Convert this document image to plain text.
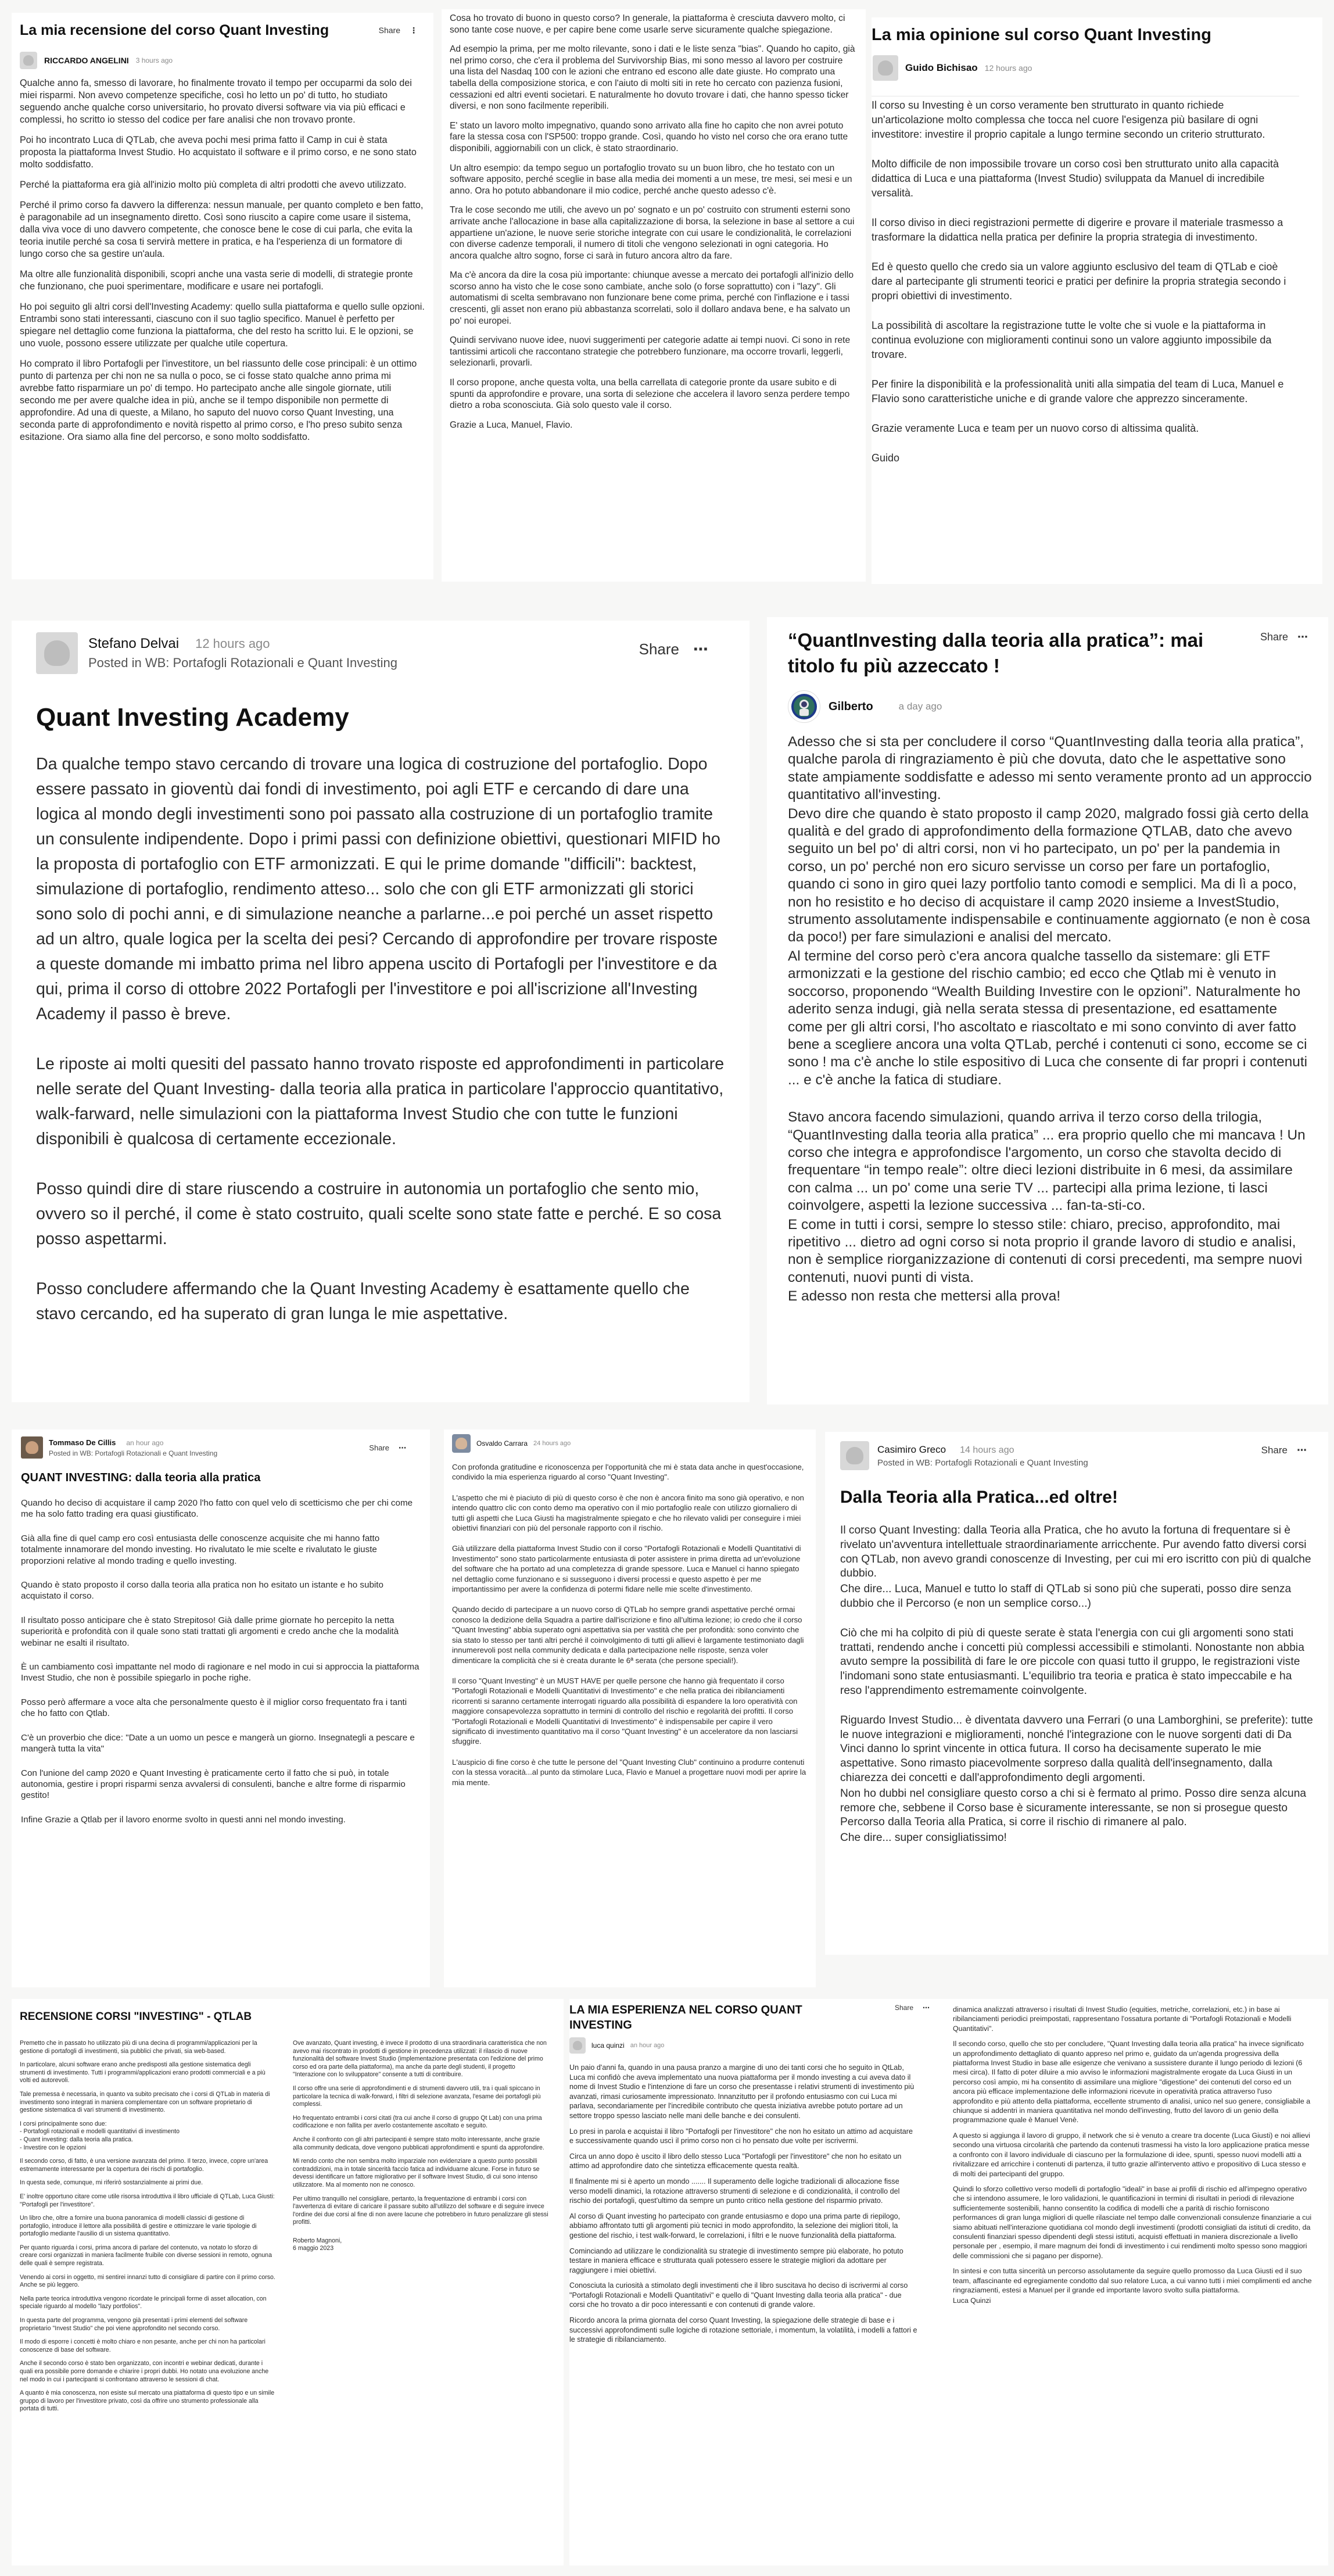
La mia recensione del corso Quant Investing	Share ⋮
RICCARDO ANGELINI 3 hours ago

Qualche anno fa, smesso di lavorare, ho finalmente trovato il tempo per occuparmi da solo dei miei risparmi. Non avevo competenze specifiche, così ho letto un po' di tutto, ho studiato seguendo anche qualche corso universitario, ho provato diversi software via via più efficaci e complessi, ho scritto io stesso del codice per fare analisi che non trovavo pronte.

Poi ho incontrato Luca di QTLab, che aveva pochi mesi prima fatto il Camp in cui è stata proposta la piattaforma Invest Studio. Ho acquistato il software e il primo corso, e ne sono stato molto soddisfatto.

Perché la piattaforma era già all'inizio molto più completa di altri prodotti che avevo utilizzato.

Perché il primo corso fa davvero la differenza: nessun manuale, per quanto completo e ben fatto, è paragonabile ad un insegnamento diretto. Così sono riuscito a capire come usare il sistema, dalla viva voce di uno davvero competente, che conosce bene le cose di cui parla, che evita la teoria inutile perché sa cosa ti servirà mettere in pratica, e ha l'esperienza di un formatore di lungo corso che sa gestire un'aula.

Ma oltre alle funzionalità disponibili, scopri anche una vasta serie di modelli, di strategie pronte che funzionano, che puoi sperimentare, modificare e usare nei portafogli.

Ho poi seguito gli altri corsi dell'Investing Academy: quello sulla piattaforma e quello sulle opzioni. Entrambi sono stati interessanti, ciascuno con il suo taglio specifico. Manuel è perfetto per spiegare nel dettaglio come funziona la piattaforma, che del resto ha scritto lui. E le opzioni, se uno vuole, possono essere utilizzate per qualche utile copertura.

Ho comprato il libro Portafogli per l'investitore, un bel riassunto delle cose principali: è un ottimo punto di partenza per chi non ne sa nulla o poco, se ci fosse stato qualche anno prima mi avrebbe fatto risparmiare un po' di tempo. Ho partecipato anche alle singole giornate, utili secondo me per avere qualche idea in più, anche se il tempo disponibile non permette di approfondire. Ad una di queste, a Milano, ho saputo del nuovo corso Quant Investing, una seconda parte di approfondimento e novità rispetto al primo corso, e l'ho preso subito senza esitazione. Ora siamo alla fine del percorso, e sono molto soddisfatto.

Cosa ho trovato di buono in questo corso? In generale, la piattaforma è cresciuta davvero molto, ci sono tante cose nuove, e per capire bene come usarle serve sicuramente qualche spiegazione.

Ad esempio la prima, per me molto rilevante, sono i dati e le liste senza "bias". Quando ho capito, già nel primo corso, che c'era il problema del Survivorship Bias, mi sono messo al lavoro per costruire una lista del Nasdaq 100 con le azioni che entrano ed escono alle date giuste. Ho comprato una tabella della composizione storica, e con l'aiuto di molti siti in rete ho cercato con pazienza fusioni, cessazioni ed altri eventi societari. E naturalmente ho dovuto trovare i dati, che hanno spesso ticker diversi, e non sono facilmente reperibili.

E' stato un lavoro molto impegnativo, quando sono arrivato alla fine ho capito che non avrei potuto fare la stessa cosa con l'SP500: troppo grande. Così, quando ho visto nel corso che ora erano tutte disponibili, aggiornabili con un click, è stato straordinario.

Un altro esempio: da tempo seguo un portafoglio trovato su un buon libro, che ho testato con un software apposito, perché sceglie in base alla media dei momenti a un mese, tre mesi, sei mesi e un anno. Ora ho potuto abbandonare il mio codice, perché anche questo adesso c'è.

Tra le cose secondo me utili, che avevo un po' sognato e un po' costruito con strumenti esterni sono arrivate anche l'allocazione in base alla capitalizzazione di borsa, la selezione in base al settore a cui appartiene un'azione, le nuove serie storiche integrate con cui usare le condizionalità, le correlazioni con diverse cadenze temporali, il numero di titoli che vengono selezionati in ogni categoria. Ho ancora qualche altro sogno, forse ci sarà in futuro ancora altro da fare.

Ma c'è ancora da dire la cosa più importante: chiunque avesse a mercato dei portafogli all'inizio dello scorso anno ha visto che le cose sono cambiate, anche solo (o forse soprattutto) con i "lazy". Gli automatismi di scelta sembravano non funzionare bene come prima, perché con l'inflazione e i tassi crescenti, gli asset non erano più abbastanza scorrelati, solo il dollaro andava bene, e ha salvato un po' noi europei.

Quindi servivano nuove idee, nuovi suggerimenti per categorie adatte ai tempi nuovi. Ci sono in rete tantissimi articoli che raccontano strategie che potrebbero funzionare, ma occorre trovarli, leggerli, selezionarli, provarli.

Il corso propone, anche questa volta, una bella carrellata di categorie pronte da usare subito e di spunti da approfondire e provare, una sorta di selezione che accelera il lavoro senza perdere tempo dietro a roba sconosciuta. Già solo questo vale il corso.

Grazie a Luca, Manuel, Flavio.

La mia opinione sul corso Quant Investing
Guido Bichisao 12 hours ago

Il corso su Investing è un corso veramente ben strutturato in quanto richiede un'articolazione molto complessa che tocca nel cuore l'esigenza più basilare di ogni investitore: investire il proprio capitale a lungo termine secondo un criterio strutturato.

Molto difficile de non impossibile trovare un corso così ben strutturato unito alla capacità didattica di Luca e una piattaforma (Invest Studio) sviluppata da Manuel di incredibile versalità.

Il corso diviso in dieci registrazioni permette di digerire e provare il materiale trasmesso a trasformare la didattica nella pratica per definire la propria strategia di investimento.

Ed è questo quello che credo sia un valore aggiunto esclusivo del team di QTLab e cioè dare al partecipante gli strumenti teorici e pratici per definire la propria strategia secondo i propri obiettivi di investimento.

La possibilità di ascoltare la registrazione tutte le volte che si vuole e la piattaforma in continua evoluzione con miglioramenti continui sono un valore aggiunto impossibile da trovare.

Per finire la disponibilità e la professionalità uniti alla simpatia del team di Luca, Manuel e Flavio sono caratteristiche uniche e di grande valore che apprezzo sinceramente.

Grazie veramente Luca e team per un nuovo corso di altissima qualità.

Guido

Stefano Delvai 12 hours ago
Posted in WB: Portafogli Rotazionali e Quant Investing
Share ⋯
Quant Investing Academy

Da qualche tempo stavo cercando di trovare una logica di costruzione del portafoglio. Dopo essere passato in gioventù dai fondi di investimento, poi agli ETF e cercando di dare una logica al mondo degli investimenti sono poi passato alla costruzione di un portafoglio tramite un consulente indipendente. Dopo i primi passi con definizione obiettivi, questionari MIFID ho la proposta di portafoglio con ETF armonizzati. E qui le prime domande "difficili": backtest, simulazione di portafoglio, rendimento atteso... solo che con gli ETF armonizzati gli storici sono solo di pochi anni, e di simulazione neanche a parlarne...e poi perché un asset rispetto ad un altro, quale logica per la scelta dei pesi? Cercando di approfondire per trovare risposte a queste domande mi imbatto prima nel libro appena uscito di Portafogli per l'investitore e da qui, prima il corso di ottobre 2022 Portafogli per l'investitore e poi all'iscrizione all'Investing Academy il passo è breve.

Le riposte ai molti quesiti del passato hanno trovato risposte ed approfondimenti in particolare nelle serate del Quant Investing- dalla teoria alla pratica in particolare l'approccio quantitativo, walk-farward, nelle simulazioni con la piattaforma Invest Studio che con tutte le funzioni disponibili è qualcosa di certamente eccezionale.

Posso quindi dire di stare riuscendo a costruire in autonomia un portafoglio che sento mio, ovvero so il perché, il come è stato costruito, quali scelte sono state fatte e perché. E so cosa posso aspettarmi.

Posso concludere affermando che la Quant Investing Academy è esattamente quello che stavo cercando, ed ha superato di gran lunga le mie aspettative.

“QuantInvesting dalla teoria alla pratica”: mai titolo fu più azzeccato !
Share ⋯
Gilberto	a day ago

Adesso che si sta per concludere il corso “QuantInvesting dalla teoria alla pratica”, qualche parola di ringraziamento è più che dovuta, dato che le aspettative sono state ampiamente soddisfatte e adesso mi sento veramente pronto ad un approccio quantitativo all'investing.

Devo dire che quando è stato proposto il camp 2020, malgrado fossi già certo della qualità e del grado di approfondimento della formazione QTLAB, dato che avevo seguito un bel po' di altri corsi, non vi ho partecipato, un po' per la pandemia in corso, un po' perché non ero sicuro servisse un corso per fare un portafoglio, quando ci sono in giro quei lazy portfolio tanto comodi e semplici. Ma di lì a poco, non ho resistito e ho deciso di acquistare il camp 2020 insieme a InvestStudio, strumento assolutamente indispensabile e continuamente aggiornato (e non è cosa da poco!) per fare simulazioni e analisi del mercato.

Al termine del corso però c'era ancora qualche tassello da sistemare: gli ETF armonizzati e la gestione del rischio cambio; ed ecco che Qtlab mi è venuto in soccorso, proponendo “Wealth Building Investire con le opzioni”. Naturalmente ho aderito senza indugi, già nella serata stessa di presentazione, ed esattamente come per gli altri corsi, l'ho ascoltato e riascoltato e mi sono convinto di aver fatto bene a scegliere ancora una volta QTLab, perché i contenuti ci sono, eccome se ci sono ! ma c'è anche lo stile espositivo di Luca che consente di far propri i contenuti ... e c'è anche la fatica di studiare.

Stavo ancora facendo simulazioni, quando arriva il terzo corso della trilogia, “QuantInvesting dalla teoria alla pratica” ... era proprio quello che mi mancava ! Un corso che integra e approfondisce l'argomento, un corso che stavolta decido di frequentare “in tempo reale”: oltre dieci lezioni distribuite in 6 mesi, da assimilare con calma ... un po' come una serie TV ... partecipi alla prima lezione, ti lasci coinvolgere, aspetti la lezione successiva ... fan-ta-sti-co.

E come in tutti i corsi, sempre lo stesso stile: chiaro, preciso, approfondito, mai ripetitivo ... dietro ad ogni corso si nota proprio il grande lavoro di studio e analisi, non è semplice riorganizzazione di contenuti di corsi precedenti, ma sempre nuovi contenuti, nuovi punti di vista.

E adesso non resta che mettersi alla prova!

Tommaso De Cillis an hour ago
Posted in WB: Portafogli Rotazionali e Quant Investing
Share ⋯
QUANT INVESTING: dalla teoria alla pratica

Quando ho deciso di acquistare il camp 2020 l'ho fatto con quel velo di scetticismo che per chi come me ha solo fatto trading era quasi giustificato.

Già alla fine di quel camp ero così entusiasta delle conoscenze acquisite che mi hanno fatto totalmente innamorare del mondo investing. Ho rivalutato le mie scelte e rivalutato le giuste proporzioni relative al mondo trading e quello investing.

Quando è stato proposto il corso dalla teoria alla pratica non ho esitato un istante e ho subito acquistato il corso.

Il risultato posso anticipare che è stato Strepitoso! Già dalle prime giornate ho percepito la netta superiorità e profondità con il quale sono stati trattati gli argomenti e credo anche che la modalità webinar ne esalti il risultato.

È un cambiamento così impattante nel modo di ragionare e nel modo in cui si approccia la piattaforma Invest Studio, che non è possibile spiegarlo in poche righe.

Posso però affermare a voce alta che personalmente questo è il miglior corso frequentato fra i tanti che ho fatto con Qtlab.

C'è un proverbio che dice: "Date a un uomo un pesce e mangerà un giorno. Insegnategli a pescare e mangerà tutta la vita"

Con l'unione del camp 2020 e Quant Investing è praticamente certo il fatto che si può, in totale autonomia, gestire i propri risparmi senza avvalersi di consulenti, banche e altre forme di risparmio gestito!

Infine Grazie a Qtlab per il lavoro enorme svolto in questi anni nel mondo investing.

Osvaldo Carrara 24 hours ago

Con profonda gratitudine e riconoscenza per l'opportunità che mi è stata data anche in quest'occasione, condivido la mia esperienza riguardo al corso "Quant Investing".

L'aspetto che mi è piaciuto di più di questo corso è che non è ancora finito ma sono già operativo, e non intendo quattro clic con conto demo ma operativo con il mio portafoglio reale con utilizzo giornaliero di tutti gli aspetti che Luca Giusti ha magistralmente spiegato e che ho rilevato validi per conseguire i miei obiettivi finanziari con più del personale rapporto con il rischio.

Già utilizzare della piattaforma Invest Studio con il corso "Portafogli Rotazionali e Modelli Quantitativi di Investimento" sono stato particolarmente entusiasta di poter assistere in prima diretta ad un'evoluzione del software che ha portato ad una completezza di grande spessore. Luca e Manuel ci hanno spiegato nel dettaglio come funzionano e si susseguono i diversi processi e questo aspetto è per me importantissimo per avere la confidenza di potermi fidare nelle mie scelte d'investimento.

Quando decido di partecipare a un nuovo corso di QTLab ho sempre grandi aspettative perché ormai conosco la dedizione della Squadra a partire dall'iscrizione e fino all'ultima lezione; io credo che il corso "Quant Investing" abbia superato ogni aspettativa sia per vastità che per profondità: sono convinto che sia stato lo stesso per tanti altri perché il coinvolgimento di tutti gli allievi è largamente testimoniato dagli innumerevoli post nella community dedicata e dalla partecipazione nelle risposte, senza voler dimenticare la complicità che si è creata durante le 6ª serata (che persone speciali!).

Il corso "Quant Investing" è un MUST HAVE per quelle persone che hanno già frequentato il corso "Portafogli Rotazionali e Modelli Quantitativi di Investimento" e che nella pratica dei ribilanciamenti ricorrenti si saranno certamente interrogati riguardo alla possibilità di espandere la loro operatività con maggiore consapevolezza soprattutto in termini di controllo del rischio e regolarità dei profitti. Il corso "Portafogli Rotazionali e Modelli Quantitativi di Investimento" è indispensabile per capire il vero significato di investimento quantitativo ma il corso "Quant Investing" è un acceleratore da non lasciarsi sfuggire.

L'auspicio di fine corso è che tutte le persone del "Quant Investing Club" continuino a produrre contenuti con la stessa voracità...al punto da stimolare Luca, Flavio e Manuel a progettare nuovi modi per aprire la mia mente.

Casimiro Greco 14 hours ago
Posted in WB: Portafogli Rotazionali e Quant Investing
Share ⋯
Dalla Teoria alla Pratica...ed oltre!

Il corso Quant Investing: dalla Teoria alla Pratica, che ho avuto la fortuna di frequentare si è rivelato un'avventura intellettuale straordinariamente arricchente. Pur avendo fatto diversi corsi con QTLab, non avevo grandi conoscenze di Investing, per cui mi ero iscritto con più di qualche dubbio.

Che dire... Luca, Manuel e tutto lo staff di QTLab si sono più che superati, posso dire senza dubbio che il Percorso (e non un semplice corso...)

Ciò che mi ha colpito di più di queste serate è stata l'energia con cui gli argomenti sono stati trattati, rendendo anche i concetti più complessi accessibili e stimolanti. Nonostante non abbia avuto sempre la possibilità di fare le ore piccole con quasi tutto il gruppo, le registrazioni viste l'indomani sono state entusiasmanti. L'equilibrio tra teoria e pratica è stato impeccabile e ha reso l'apprendimento estremamente coinvolgente.

Riguardo Invest Studio... è diventata davvero una Ferrari (o una Lamborghini, se preferite): tutte le nuove integrazioni e miglioramenti, nonché l'integrazione con le nuove sorgenti dati di Da Vinci danno lo sprint vincente in ottica futura. Il corso ha decisamente superato le mie aspettative. Sono rimasto piacevolmente sorpreso dalla qualità dell'insegnamento, dalla chiarezza dei concetti e dall'approfondimento degli argomenti.

Non ho dubbi nel consigliare questo corso a chi si è fermato al primo. Posso dire senza alcuna remore che, sebbene il Corso base è sicuramente interessante, se non si prosegue questo Percorso dalla Teoria alla Pratica, si corre il rischio di rimanere al palo.

Che dire... super consigliatissimo!

RECENSIONE CORSI "INVESTING" - QTLAB

Premetto che in passato ho utilizzato più di una decina di programmi/applicazioni per la gestione di portafogli di investimenti, sia pubblici che privati, sia web-based.

In particolare, alcuni software erano anche predisposti alla gestione sistematica degli strumenti di investimento. Tutti i programmi/applicazioni erano prodotti commerciali e a più volti ed autorevoli.

Tale premessa è necessaria, in quanto va subito precisato che i corsi di QTLab in materia di investimento sono integrati in maniera complementare con un software proprietario di gestione sistematica di vari strumenti di investimento.

I corsi principalmente sono due:

- Portafogli rotazionali e modelli quantitativi di investimento

- Quant investing: dalla teoria alla pratica.

- Investire con le opzioni

Il secondo corso, di fatto, è una versione avanzata del primo. Il terzo, invece, copre un'area estremamente interessante per la copertura dei rischi di portafoglio.

In questa sede, comunque, mi riferirò sostanzialmente ai primi due.

E' inoltre opportuno citare come utile risorsa introduttiva il libro ufficiale di QTLab, Luca Giusti: "Portafogli per l'investitore".

Un libro che, oltre a fornire una buona panoramica di modelli classici di gestione di portafoglio, introduce il lettore alla possibilità di gestire e ottimizzare le varie tipologie di portafoglio mediante l'ausilio di un sistema quantitativo.

Per quanto riguarda i corsi, prima ancora di parlare del contenuto, va notato lo sforzo di creare corsi organizzati in maniera facilmente fruibile con diverse sessioni in remoto, ognuna delle quali è sempre registrata.

Venendo ai corsi in oggetto, mi sentirei innanzi tutto di consigliare di partire con il primo corso. Anche se più leggero.

Nella parte teorica introduttiva vengono ricordate le principali forme di asset allocation, con speciale riguardo al modello "lazy portfolios".

In questa parte del programma, vengono già presentati i primi elementi del software proprietario "Invest Studio" che poi viene approfondito nel secondo corso.

Il modo di esporre i concetti è molto chiaro e non pesante, anche per chi non ha particolari conoscenze di base del software.

Anche il secondo corso è stato ben organizzato, con incontri e webinar dedicati, durante i quali era possibile porre domande e chiarire i propri dubbi. Ho notato una evoluzione anche nel modo in cui i partecipanti si confrontano attraverso le sessioni di chat.

A quanto è mia conoscenza, non esiste sul mercato una piattaforma di questo tipo e un simile gruppo di lavoro per l'investitore privato, così da offrire uno strumento professionale alla portata di tutti.

Ove avanzato, Quant investing, è invece il prodotto di una straordinaria caratteristica che non avevo mai riscontrato in prodotti di gestione in precedenza utilizzati: il rilascio di nuove funzionalità del software Invest Studio (implementazione presentata con l'edizione del primo corso ed ora parte della piattaforma), ma anche da parte degli studenti, il progetto "Interazione con lo sviluppatore" consente a tutti di contribuire.

Il corso offre una serie di approfondimenti e di strumenti davvero utili, tra i quali spiccano in particolare la tecnica di walk-forward, i filtri di selezione avanzata, l'esame dei portafogli più complessi.

Ho frequentato entrambi i corsi citati (tra cui anche il corso di gruppo Qt Lab) con una prima codificazione e non fallita per averlo costantemente ascoltato e seguito.

Anche il confronto con gli altri partecipanti è sempre stato molto interessante, anche grazie alla community dedicata, dove vengono pubblicati approfondimenti e spunti da approfondire.

Mi rendo conto che non sembra molto imparziale non evidenziare a questo punto possibili contraddizioni, ma in totale sincerità faccio fatica ad individuarne alcune. Forse in futuro se devessi identificare un fattore migliorativo per il software Invest Studio, di cui sono intenso utilizzatore. Ma al momento non ne conosco.

Per ultimo tranquillo nel consigliare, pertanto, la frequentazione di entrambi i corsi con l'avvertenza di evitare di caricare il passare subito all'utilizzo del software e di seguire invece l'ordine dei due corsi al fine di non avere lacune che potrebbero in futuro penalizzare gli stessi profitti.

Roberto Magnoni,

6 maggio 2023

LA MIA ESPERIENZA NEL CORSO QUANT INVESTING
Share ⋯
luca quinzi an hour ago

Un paio d'anni fa, quando in una pausa pranzo a margine di uno dei tanti corsi che ho seguito in QtLab, Luca mi confidò che aveva implementato una nuova piattaforma per il mondo investing a cui aveva dato il nome di Invest Studio e l'intenzione di fare un corso che presentasse i relativi strumenti di investimento più avanzati, rimasi curiosamente impressionato. Innanzitutto per il profondo entusiasmo con cui Luca mi parlava, secondariamente per l'incredibile contributo che questa iniziativa avrebbe potuto portare ad un settore troppo spesso lasciato nelle mani delle banche e dei consulenti.

Lo presi in parola e acquistai il libro "Portafogli per l'investitore" che non ho esitato un attimo ad acquistare e successivamente quando uscì il primo corso non ci ho pensato due volte per iscrivermi.

Circa un anno dopo è uscito il libro dello stesso Luca "Portafogli per l'investitore" che non ho esitato un attimo ad approfondire dato che sintetizza efficacemente questa realtà.

Il finalmente mi si è aperto un mondo ....... Il superamento delle logiche tradizionali di allocazione fisse verso modelli dinamici, la rotazione attraverso strumenti di selezione e di condizionalità, il controllo del rischio dei portafogli, quest'ultimo da sempre un punto critico nella gestione del risparmio privato.

Al corso di Quant investing ho partecipato con grande entusiasmo e dopo una prima parte di riepilogo, abbiamo affrontato tutti gli argomenti più tecnici in modo approfondito, la selezione dei migliori titoli, la gestione del rischio, i test walk-forward, le correlazioni, i filtri e le nuove funzionalità della piattaforma.

Cominciando ad utilizzare le condizionalità su strategie di investimento sempre più elaborate, ho potuto testare in maniera efficace e strutturata quali potessero essere le strategie migliori da adottare per raggiungere i miei obiettivi.

Conosciuta la curiosità a stimolato degli investimenti che il libro suscitava ho deciso di iscrivermi al corso "Portafogli Rotazionali e Modelli Quantitativi" e quello di "Quant Investing dalla teoria alla pratica" - due corsi che ho trovato a dir poco interessanti e con contenuti di grande valore.

Ricordo ancora la prima giornata del corso Quant Investing, la spiegazione delle strategie di base e i successivi approfondimenti sulle logiche di rotazione settoriale, i momentum, la volatilità, i modelli a fattori e le strategie di ribilanciamento.

dinamica analizzati attraverso i risultati di Invest Studio (equities, metriche, correlazioni, etc.) in base ai ribilanciamenti periodici preimpostati, rappresentano l'ossatura portante di "Portafogli Rotazionali e Modelli Quantitativi".

Il secondo corso, quello che sto per concludere, "Quant Investing dalla teoria alla pratica" ha invece significato un approfondimento dettagliato di quanto appreso nel primo e, guidato da un'agenda progressiva della piattaforma Invest Studio in base alle esigenze che venivano a sussistere durante il lungo periodo di lezioni (6 mesi circa). Il fatto di poter diluire a mio avviso le informazioni magistralmente erogate da Luca Giusti in un percorso così ampio, mi ha consentito di assimilare una migliore "digestione" dei contenuti del corso ed un ancora più efficace implementazione delle informazioni ricevute in operatività pratica attraverso l'uso approfondito e più attento della piattaforma, eccellente strumento di analisi, unico nel suo genere, consigliabile a chiunque si addentri in maniera quantitativa nel mondo dell'investing, frutto del lavoro di un genio della programmazione quale è Manuel Venè.

A questo si aggiunga il lavoro di gruppo, il network che si è venuto a creare tra docente (Luca Giusti) e noi allievi secondo una virtuosa circolarità che partendo da contenuti trasmessi ha visto la loro applicazione pratica messe a confronto con il lavoro individuale di ciascuno per la formulazione di idee, spunti, spesso nuovi modelli atti a rivitalizzare ed arricchire i contenuti di partenza, il tutto grazie all'intervento attivo e propositivo di Luca stesso e di molti dei partecipanti del gruppo.

Quindi lo sforzo collettivo verso modelli di portafoglio "ideali" in base ai profili di rischio ed all'impegno operativo che si intendono assumere, le loro validazioni, le quantificazioni in termini di risultati in periodi di rilevazione sufficientemente sostenibili, hanno consentito la codifica di modelli che a parità di rischio forniscono performances di gran lunga migliori di quelle rilasciate nel tempo dalle convenzionali consulenze finanziarie a cui siamo abituati nell'interazione quotidiana col mondo degli investimenti (prodotti consigliati da istituti di credito, da consulenti finanziari spesso dipendenti degli stessi istituti, acquisti effettuati in maniera discrezionale a livello personale per , esempio, il mare magnum dei fondi di investimento i cui rendimenti molto spesso sono maggiori delle commissioni che si pagano per disporne).

In sintesi e con tutta sincerità un percorso assolutamente da seguire quello promosso da Luca Giusti ed il suo team, affascinante ed egregiamente condotto dal suo relatore Luca, a cui vanno tutti i miei complimenti ed anche ringraziamenti, estesi a Manuel per il grande ed importante lavoro svolto sulla piattaforma.

Luca Quinzi
